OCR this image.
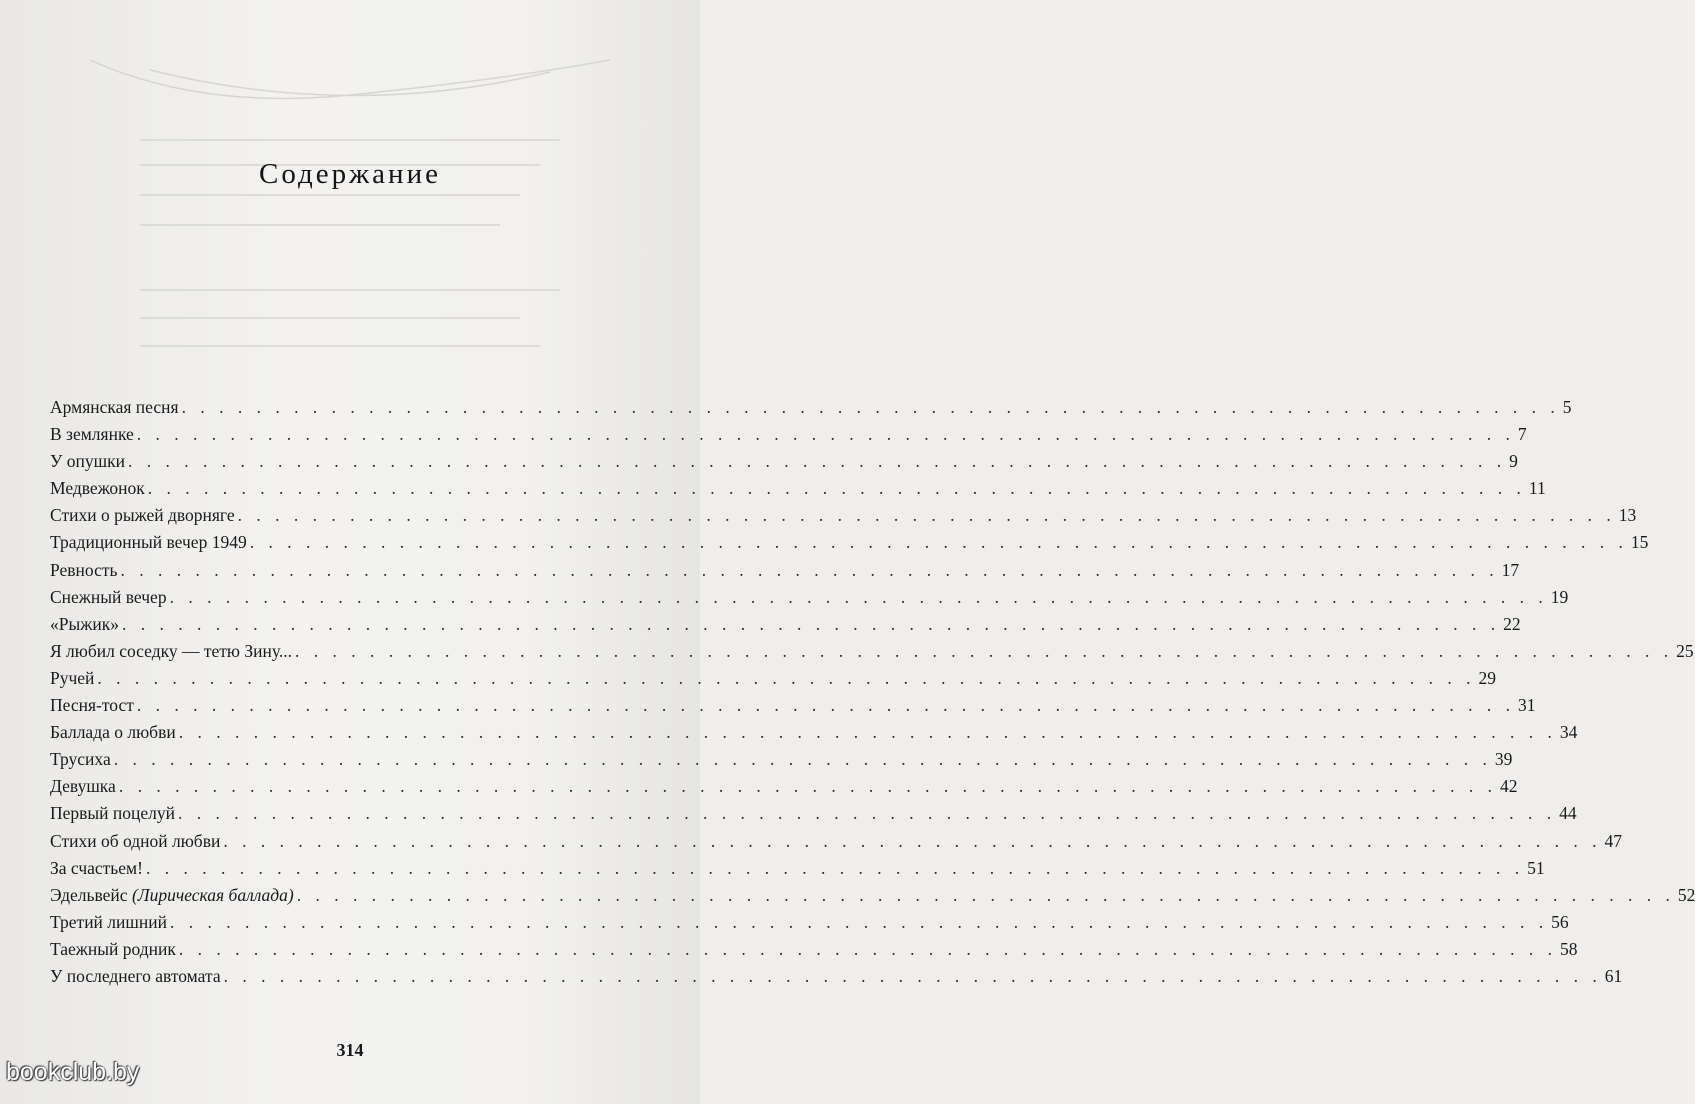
Содержание
Армянская песня . . . . . . . . . . . . . . . . . . . . . . . . . . . . . . . . . . . . . . . . . . . . . . . . . . . . . . . . . . . . . . . . . . . . . . . . . . 5
В землянке . . . . . . . . . . . . . . . . . . . . . . . . . . . . . . . . . . . . . . . . . . . . . . . . . . . . . . . . . . . . . . . . . . . . . . . . . . 7
У опушки . . . . . . . . . . . . . . . . . . . . . . . . . . . . . . . . . . . . . . . . . . . . . . . . . . . . . . . . . . . . . . . . . . . . . . . . . . 9
Медвежонок . . . . . . . . . . . . . . . . . . . . . . . . . . . . . . . . . . . . . . . . . . . . . . . . . . . . . . . . . . . . . . . . . . . . . . . . . . 11
Стихи о рыжей дворняге . . . . . . . . . . . . . . . . . . . . . . . . . . . . . . . . . . . . . . . . . . . . . . . . . . . . . . . . . . . . . . . . . . . . . . . . . . 13
Традиционный вечер 1949 . . . . . . . . . . . . . . . . . . . . . . . . . . . . . . . . . . . . . . . . . . . . . . . . . . . . . . . . . . . . . . . . . . . . . . . . . . 15
Ревность . . . . . . . . . . . . . . . . . . . . . . . . . . . . . . . . . . . . . . . . . . . . . . . . . . . . . . . . . . . . . . . . . . . . . . . . . . 17
Снежный вечер . . . . . . . . . . . . . . . . . . . . . . . . . . . . . . . . . . . . . . . . . . . . . . . . . . . . . . . . . . . . . . . . . . . . . . . . . . 19
«Рыжик» . . . . . . . . . . . . . . . . . . . . . . . . . . . . . . . . . . . . . . . . . . . . . . . . . . . . . . . . . . . . . . . . . . . . . . . . . . 22
Я любил соседку — тетю Зину... . . . . . . . . . . . . . . . . . . . . . . . . . . . . . . . . . . . . . . . . . . . . . . . . . . . . . . . . . . . . . . . . . . . . . . . . . . 25
Ручей . . . . . . . . . . . . . . . . . . . . . . . . . . . . . . . . . . . . . . . . . . . . . . . . . . . . . . . . . . . . . . . . . . . . . . . . . . 29
Песня-тост . . . . . . . . . . . . . . . . . . . . . . . . . . . . . . . . . . . . . . . . . . . . . . . . . . . . . . . . . . . . . . . . . . . . . . . . . . 31
Баллада о любви . . . . . . . . . . . . . . . . . . . . . . . . . . . . . . . . . . . . . . . . . . . . . . . . . . . . . . . . . . . . . . . . . . . . . . . . . . 34
Трусиха . . . . . . . . . . . . . . . . . . . . . . . . . . . . . . . . . . . . . . . . . . . . . . . . . . . . . . . . . . . . . . . . . . . . . . . . . . 39
Девушка . . . . . . . . . . . . . . . . . . . . . . . . . . . . . . . . . . . . . . . . . . . . . . . . . . . . . . . . . . . . . . . . . . . . . . . . . . 42
Первый поцелуй . . . . . . . . . . . . . . . . . . . . . . . . . . . . . . . . . . . . . . . . . . . . . . . . . . . . . . . . . . . . . . . . . . . . . . . . . . 44
Стихи об одной любви . . . . . . . . . . . . . . . . . . . . . . . . . . . . . . . . . . . . . . . . . . . . . . . . . . . . . . . . . . . . . . . . . . . . . . . . . . 47
За счастьем! . . . . . . . . . . . . . . . . . . . . . . . . . . . . . . . . . . . . . . . . . . . . . . . . . . . . . . . . . . . . . . . . . . . . . . . . . . 51
Эдельвейс (Лирическая баллада) . . . . . . . . . . . . . . . . . . . . . . . . . . . . . . . . . . . . . . . . . . . . . . . . . . . . . . . . . . . . . . . . . . . . . . . . . . 52
Третий лишний . . . . . . . . . . . . . . . . . . . . . . . . . . . . . . . . . . . . . . . . . . . . . . . . . . . . . . . . . . . . . . . . . . . . . . . . . . 56
Таежный родник . . . . . . . . . . . . . . . . . . . . . . . . . . . . . . . . . . . . . . . . . . . . . . . . . . . . . . . . . . . . . . . . . . . . . . . . . . 58
У последнего автомата . . . . . . . . . . . . . . . . . . . . . . . . . . . . . . . . . . . . . . . . . . . . . . . . . . . . . . . . . . . . . . . . . . . . . . . . . . 61
314
bookclub.by
